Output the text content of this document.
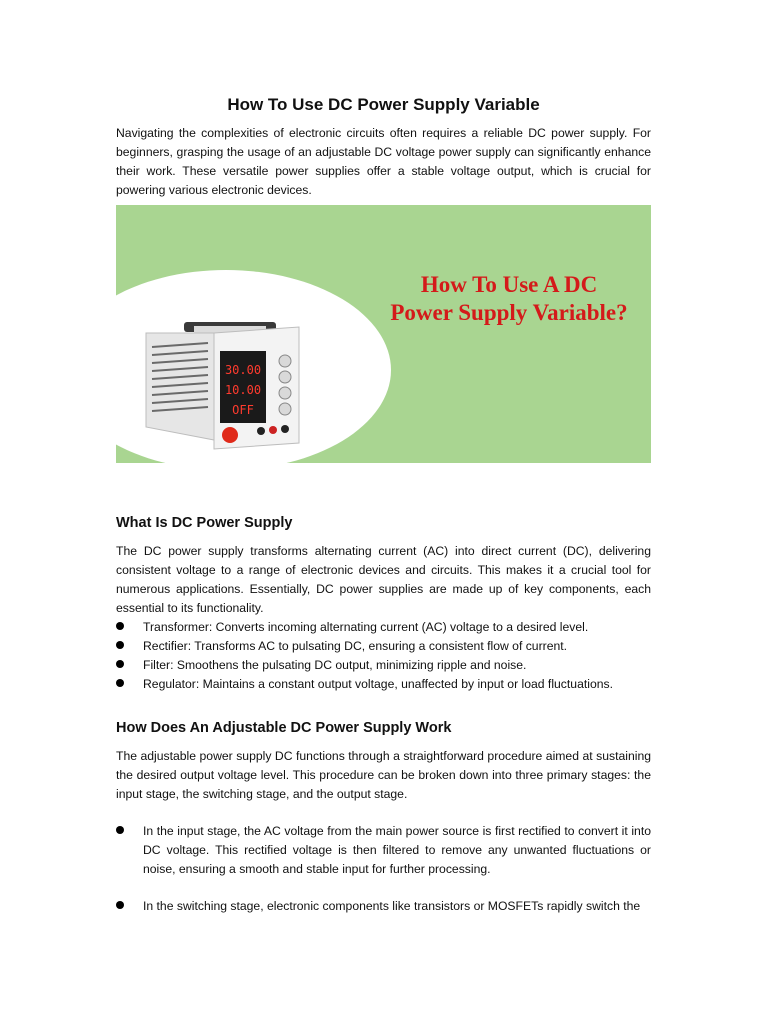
How To Use DC Power Supply Variable

Navigating the complexities of electronic circuits often requires a reliable DC power supply. For beginners, grasping the usage of an adjustable DC voltage power supply can significantly enhance their work. These versatile power supplies offer a stable voltage output, which is crucial for powering various electronic devices.

30.00
10.00
OFF
How To Use A DC
Power Supply Variable?
What Is DC Power Supply

The DC power supply transforms alternating current (AC) into direct current (DC), delivering consistent voltage to a range of electronic devices and circuits. This makes it a crucial tool for numerous applications. Essentially, DC power supplies are made up of key components, each essential to its functionality.

Transformer: Converts incoming alternating current (AC) voltage to a desired level.
Rectifier: Transforms AC to pulsating DC, ensuring a consistent flow of current.
Filter: Smoothens the pulsating DC output, minimizing ripple and noise.
Regulator: Maintains a constant output voltage, unaffected by input or load fluctuations.
How Does An Adjustable DC Power Supply Work

The adjustable power supply DC functions through a straightforward procedure aimed at sustaining the desired output voltage level. This procedure can be broken down into three primary stages: the input stage, the switching stage, and the output stage.

In the input stage, the AC voltage from the main power source is first rectified to convert it into DC voltage. This rectified voltage is then filtered to remove any unwanted fluctuations or noise, ensuring a smooth and stable input for further processing.
In the switching stage, electronic components like transistors or MOSFETs rapidly switch the
